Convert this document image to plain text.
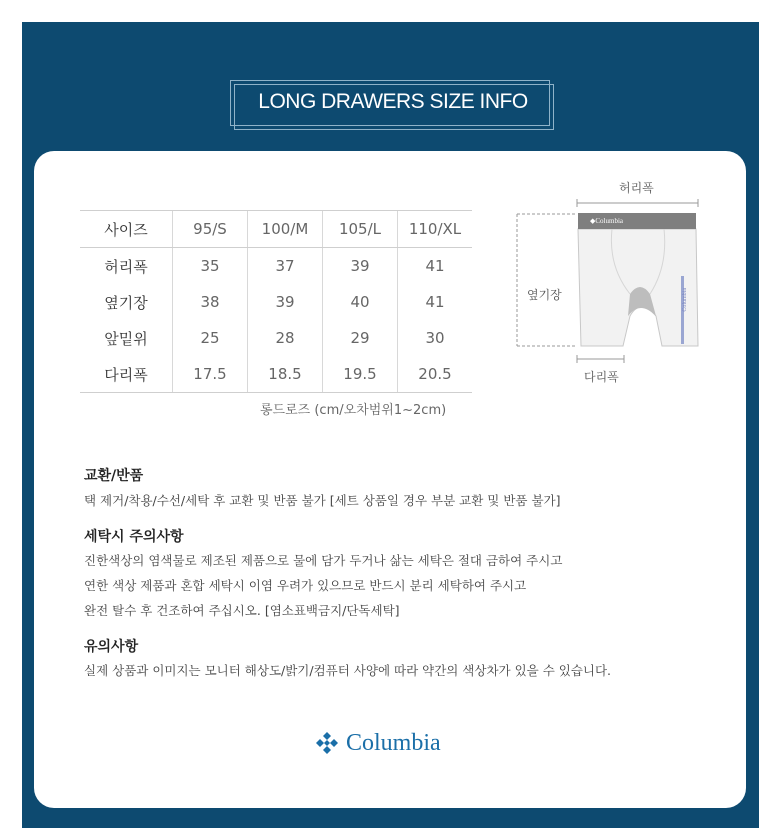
LONG DRAWERS SIZE INFO
사이즈	95/S	100/M	105/L	110/XL
허리폭	35	37	39	41
옆기장	38	39	40	41
앞밑위	25	28	29	30
다리폭	17.5	18.5	19.5	20.5
롱드로즈 (cm/오차범위1~2cm)
허리폭
옆기장
다리폭
◆Columbia
Columbia
교환/반품
택 제거/착용/수선/세탁 후 교환 및 반품 불가 [세트 상품일 경우 부분 교환 및 반품 불가]
세탁시 주의사항
진한색상의 염색물로 제조된 제품으로 물에 담가 두거나 삶는 세탁은 절대 금하여 주시고
연한 색상 제품과 혼합 세탁시 이염 우려가 있으므로 반드시 분리 세탁하여 주시고
완전 탈수 후 건조하여 주십시오. [염소표백금지/단독세탁]
유의사항
실제 상품과 이미지는 모니터 해상도/밝기/컴퓨터 사양에 따라 약간의 색상차가 있을 수 있습니다.
Columbia
